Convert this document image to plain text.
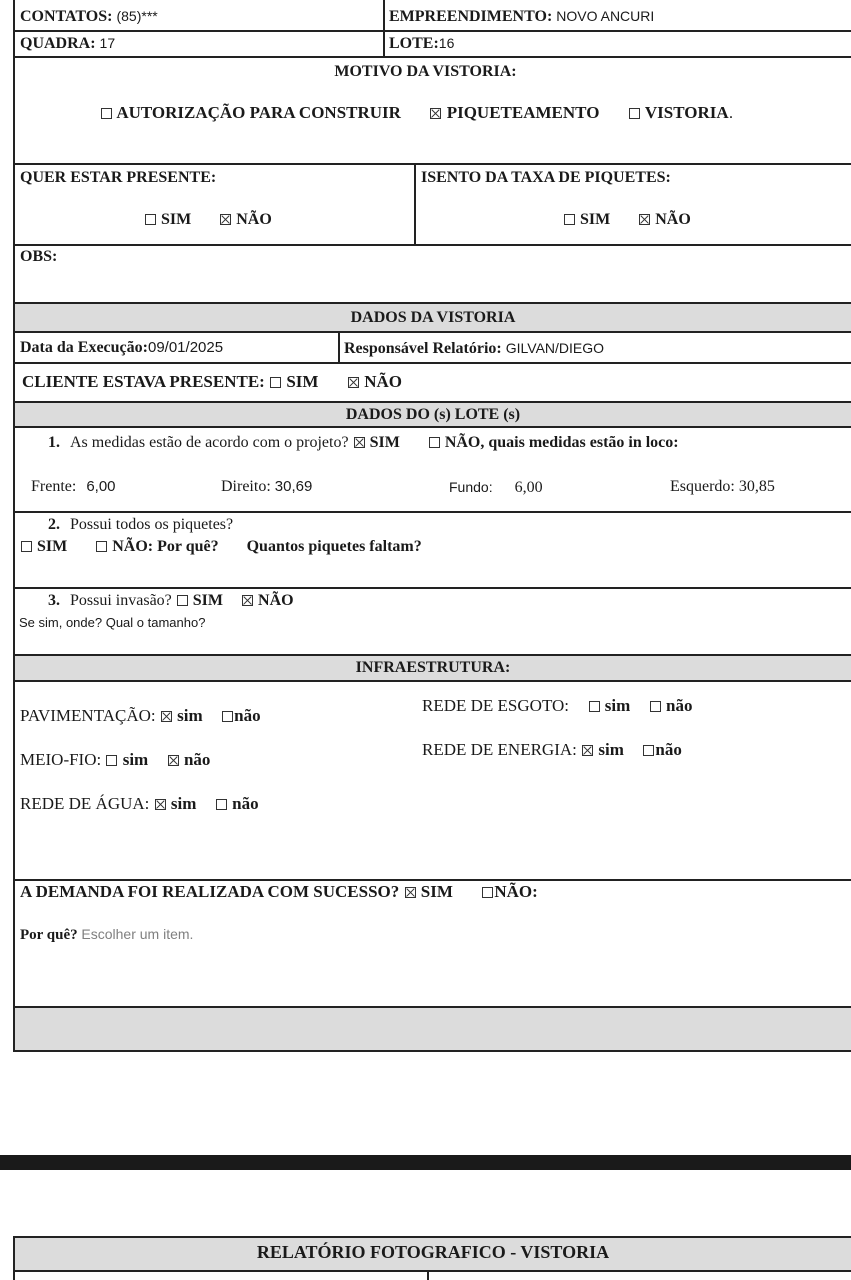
CONTATOS: (85)***	EMPREENDIMENTO: NOVO ANCURI
QUADRA: 17	LOTE:16
MOTIVO DA VISTORIA:
AUTORIZAÇÃO PARA CONSTRUIR	PIQUETEAMENTO	VISTORIA.
QUER ESTAR PRESENTE:	ISENTO DA TAXA DE PIQUETES:
SIM	NÃO	SIM	NÃO
OBS:
DADOS DA VISTORIA
Data da Execução:09/01/2025	Responsável Relatório: GILVAN/DIEGO
CLIENTE ESTAVA PRESENTE: SIM	NÃO
DADOS DO (s) LOTE (s)
1. As medidas estão de acordo com o projeto? SIM	NÃO, quais medidas estão in loco:
Frente: 6,00	Direito: 30,69	Fundo: 6,00	Esquerdo: 30,85
2. Possui todos os piquetes?
SIM	NÃO: Por quê? Quantos piquetes faltam?
3. Possui invasão? SIM NÃO
Se sim, onde? Qual o tamanho?
INFRAESTRUTURA:
PAVIMENTAÇÃO: sim não
MEIO-FIO: sim não
REDE DE ÁGUA: sim não
REDE DE ESGOTO: sim não
REDE DE ENERGIA: sim não
A DEMANDA FOI REALIZADA COM SUCESSO? SIM NÃO:
Por quê? Escolher um item.
RELATÓRIO FOTOGRAFICO - VISTORIA
